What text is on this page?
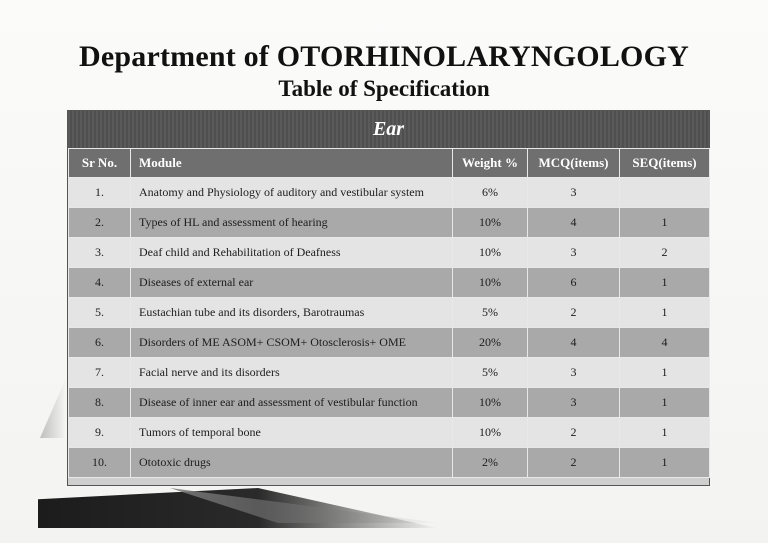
Department of OTORHINOLARYNGOLOGY
Table of Specification
Ear
Sr No.	Module	Weight %	MCQ(items)	SEQ(items)
1.	Anatomy and Physiology of auditory and vestibular system	6%	3	
2.	Types of HL and assessment of hearing	10%	4	1
3.	Deaf child and Rehabilitation of Deafness	10%	3	2
4.	Diseases of external ear	10%	6	1
5.	Eustachian tube and its disorders, Barotraumas	5%	2	1
6.	Disorders of ME ASOM+ CSOM+ Otosclerosis+ OME	20%	4	4
7.	Facial nerve and its disorders	5%	3	1
8.	Disease of inner ear and assessment of vestibular function	10%	3	1
9.	Tumors of temporal bone	10%	2	1
10.	Ototoxic drugs	2%	2	1
